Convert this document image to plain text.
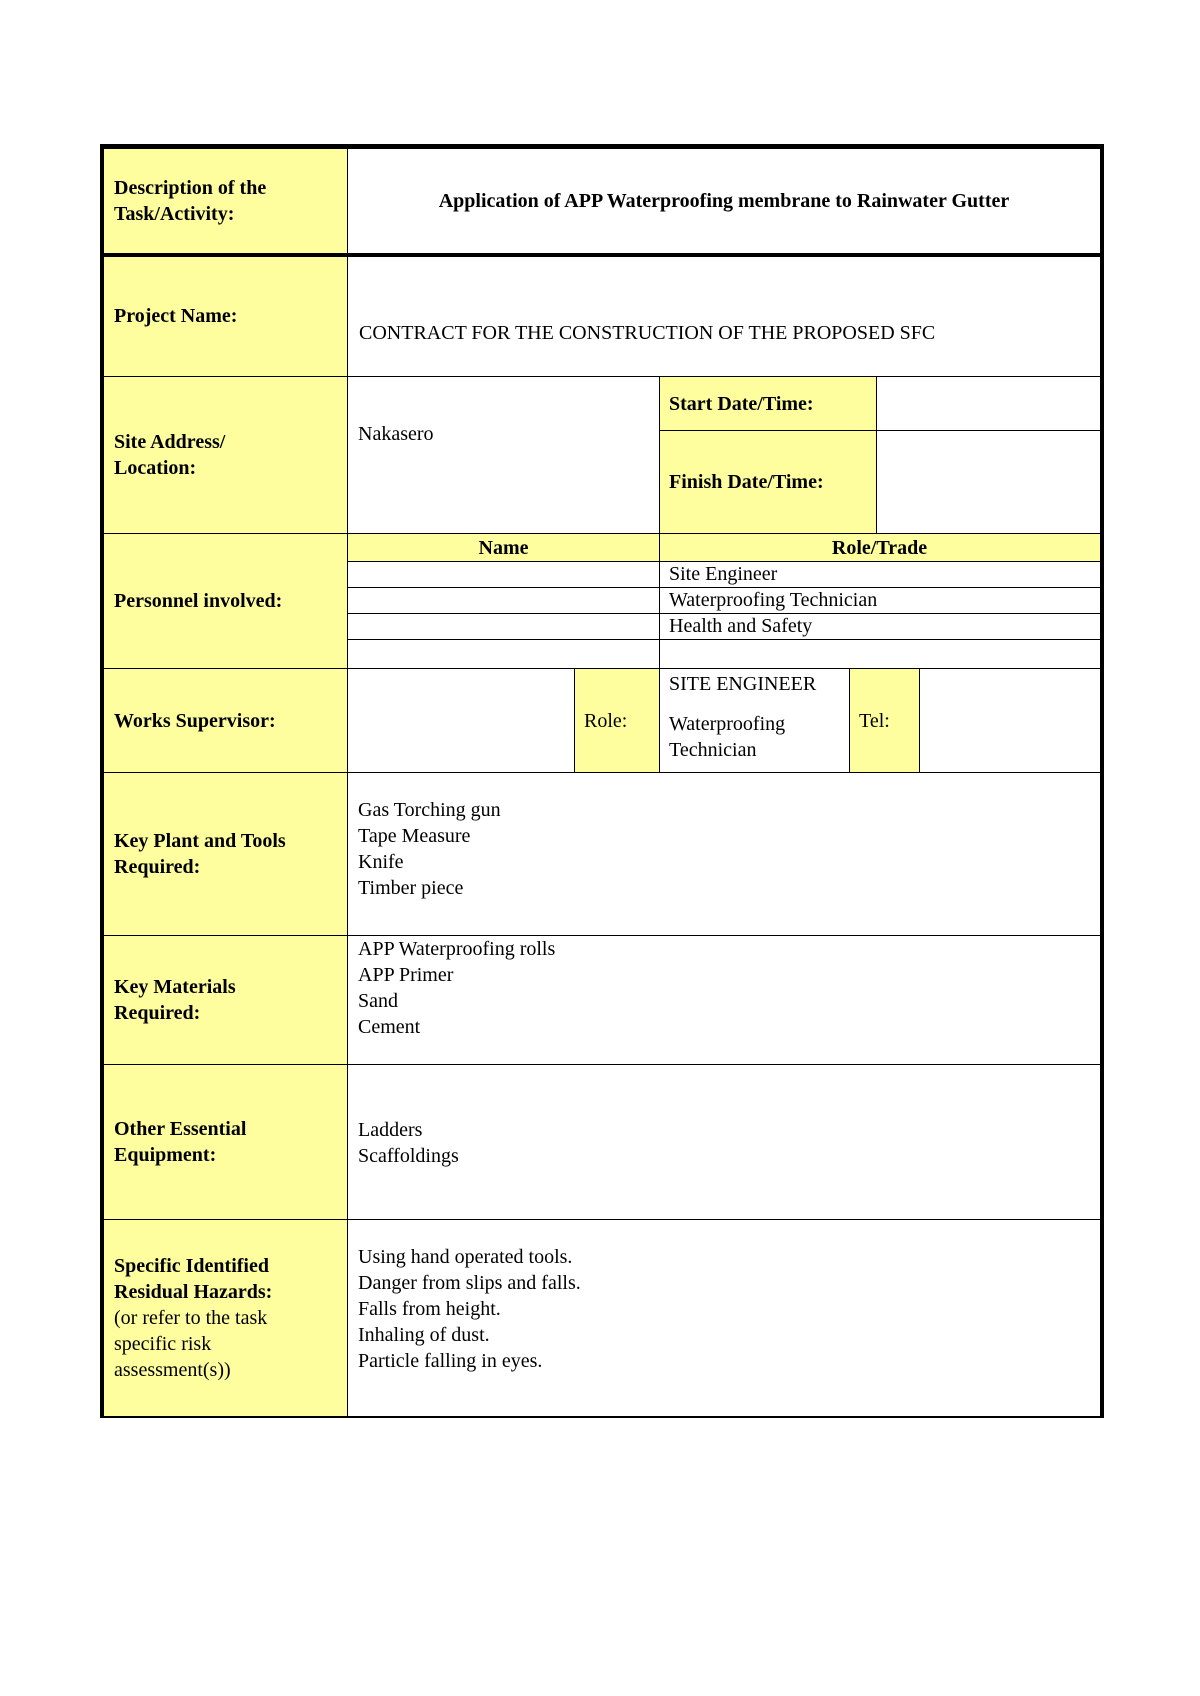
Description of the
Task/Activity:
Application of APP Waterproofing membrane to Rainwater Gutter
Project Name:
CONTRACT FOR THE CONSTRUCTION OF THE PROPOSED SFC
Site Address/
Location:
Nakasero
Start Date/Time:
Finish Date/Time:
Personnel involved:
Name	Role/Trade
Site Engineer
Waterproofing Technician
Health and Safety
Works Supervisor:	Role:
SITE ENGINEER
Waterproofing
Technician
Tel:
Key Plant and Tools
Required:
Gas Torching gun
Tape Measure
Knife
Timber piece
Key Materials
Required:
APP Waterproofing rolls
APP Primer
Sand
Cement
Other Essential
Equipment:
Ladders
Scaffoldings
Specific Identified
Residual Hazards:
(or refer to the task
specific risk
assessment(s))
Using hand operated tools.
Danger from slips and falls.
Falls from height.
Inhaling of dust.
Particle falling in eyes.
